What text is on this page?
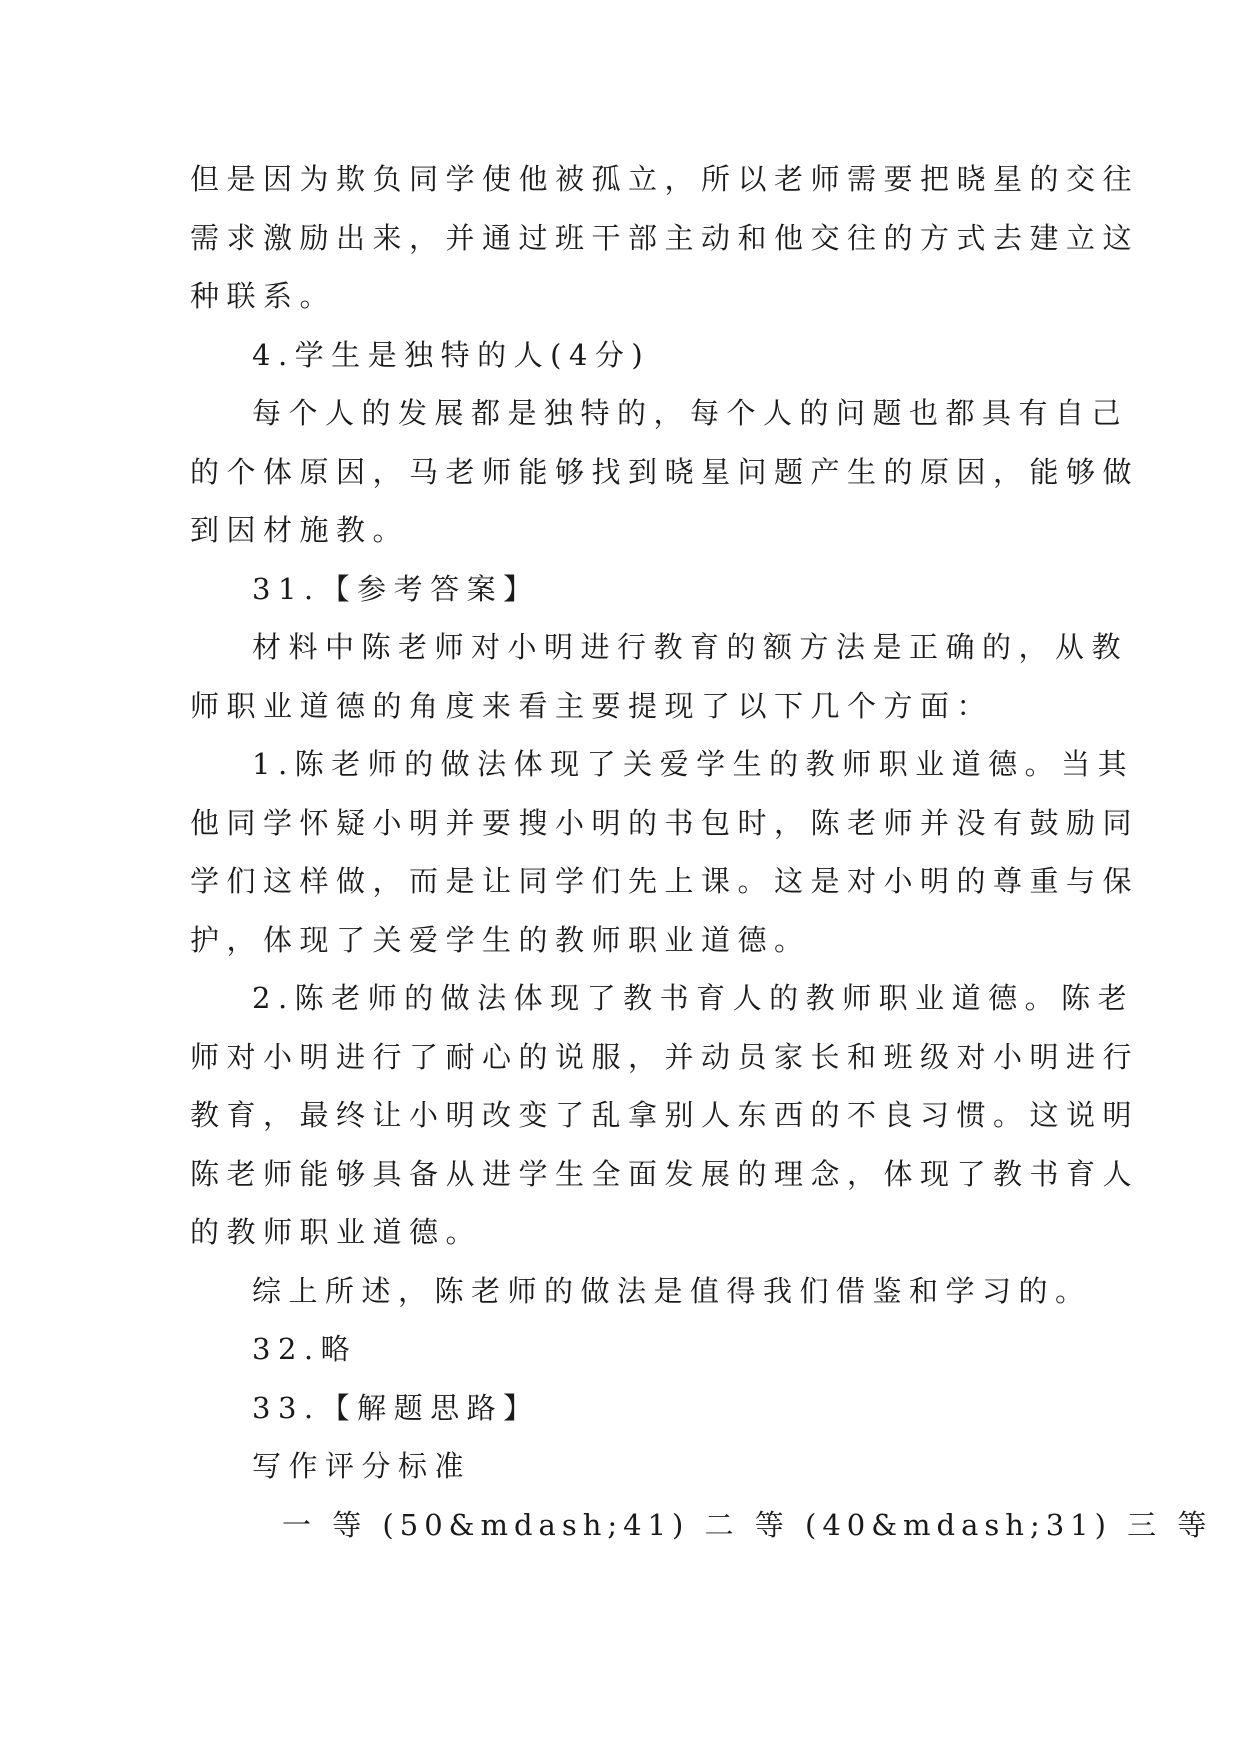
但是因为欺负同学使他被孤立，所以老师需要把晓星的交往
需求激励出来，并通过班干部主动和他交往的方式去建立这
种联系。
4.学生是独特的人(4分)
每个人的发展都是独特的，每个人的问题也都具有自己
的个体原因，马老师能够找到晓星问题产生的原因，能够做
到因材施教。
31.【参考答案】
材料中陈老师对小明进行教育的额方法是正确的，从教
师职业道德的角度来看主要提现了以下几个方面：
1.陈老师的做法体现了关爱学生的教师职业道德。当其
他同学怀疑小明并要搜小明的书包时，陈老师并没有鼓励同
学们这样做，而是让同学们先上课。这是对小明的尊重与保
护，体现了关爱学生的教师职业道德。
2.陈老师的做法体现了教书育人的教师职业道德。陈老
师对小明进行了耐心的说服，并动员家长和班级对小明进行
教育，最终让小明改变了乱拿别人东西的不良习惯。这说明
陈老师能够具备从进学生全面发展的理念，体现了教书育人
的教师职业道德。
综上所述，陈老师的做法是值得我们借鉴和学习的。
32.略
33.【解题思路】
写作评分标准
一 等 (50&mdash;41) 二 等 (40&mdash;31) 三 等
